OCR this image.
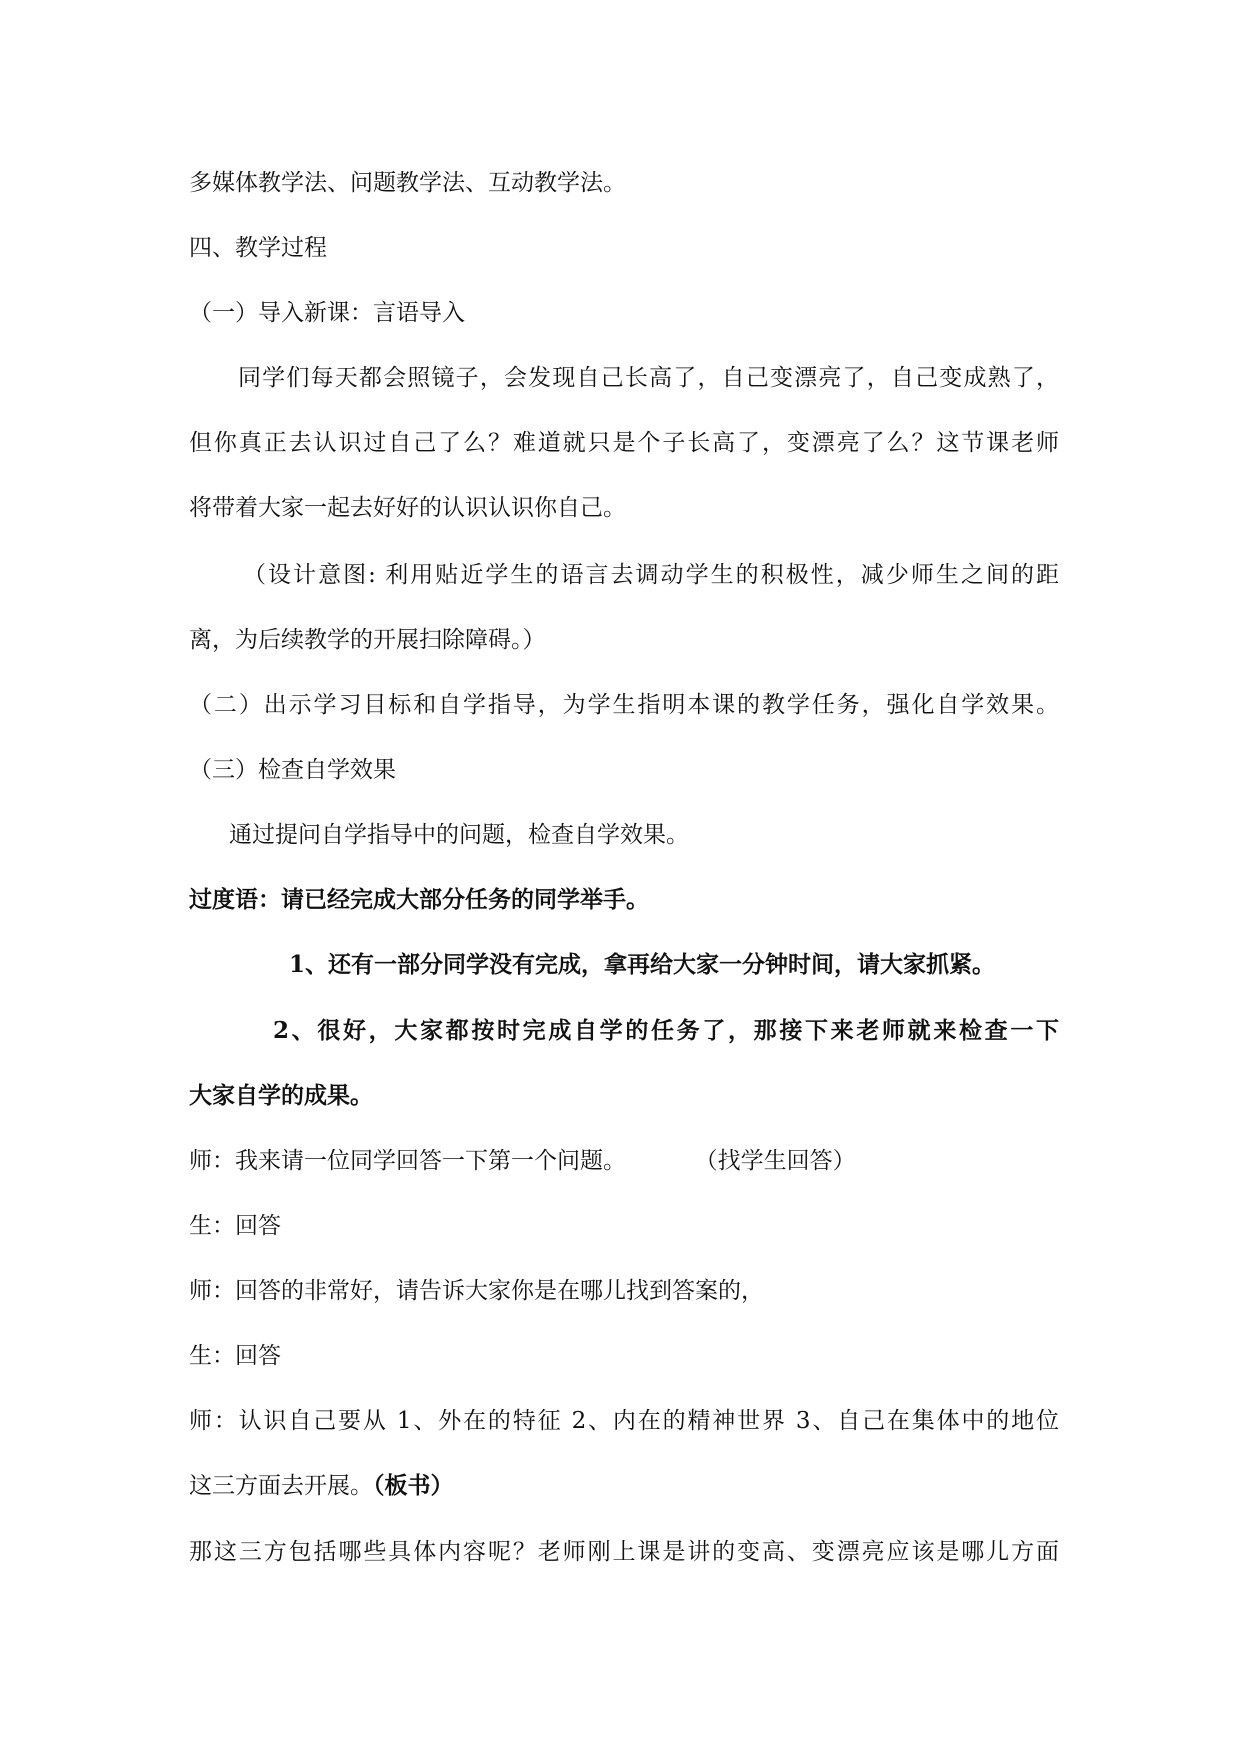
多媒体教学法、问题教学法、互动教学法。
四、教学过程
（一）导入新课：言语导入
同学们每天都会照镜子，会发现自己长高了，自己变漂亮了，自己变成熟了，
但你真正去认识过自己了么？难道就只是个子长高了，变漂亮了么？这节课老师
将带着大家一起去好好的认识认识你自己。
（设计意图: 利用贴近学生的语言去调动学生的积极性，减少师生之间的距
离，为后续教学的开展扫除障碍。）
（二）出示学习目标和自学指导，为学生指明本课的教学任务，强化自学效果。
（三）检查自学效果
通过提问自学指导中的问题，检查自学效果。
过度语：请已经完成大部分任务的同学举手。
1、还有一部分同学没有完成，拿再给大家一分钟时间，请大家抓紧。
2、很好，大家都按时完成自学的任务了，那接下来老师就来检查一下
大家自学的成果。
师：我来请一位同学回答一下第一个问题。	（找学生回答）
生：回答
师：回答的非常好，请告诉大家你是在哪儿找到答案的，
生：回答
师：认识自己要从 1、外在的特征 2、内在的精神世界 3、自己在集体中的地位
这三方面去开展。（板书）
那这三方包括哪些具体内容呢？老师刚上课是讲的变高、变漂亮应该是哪儿方面
